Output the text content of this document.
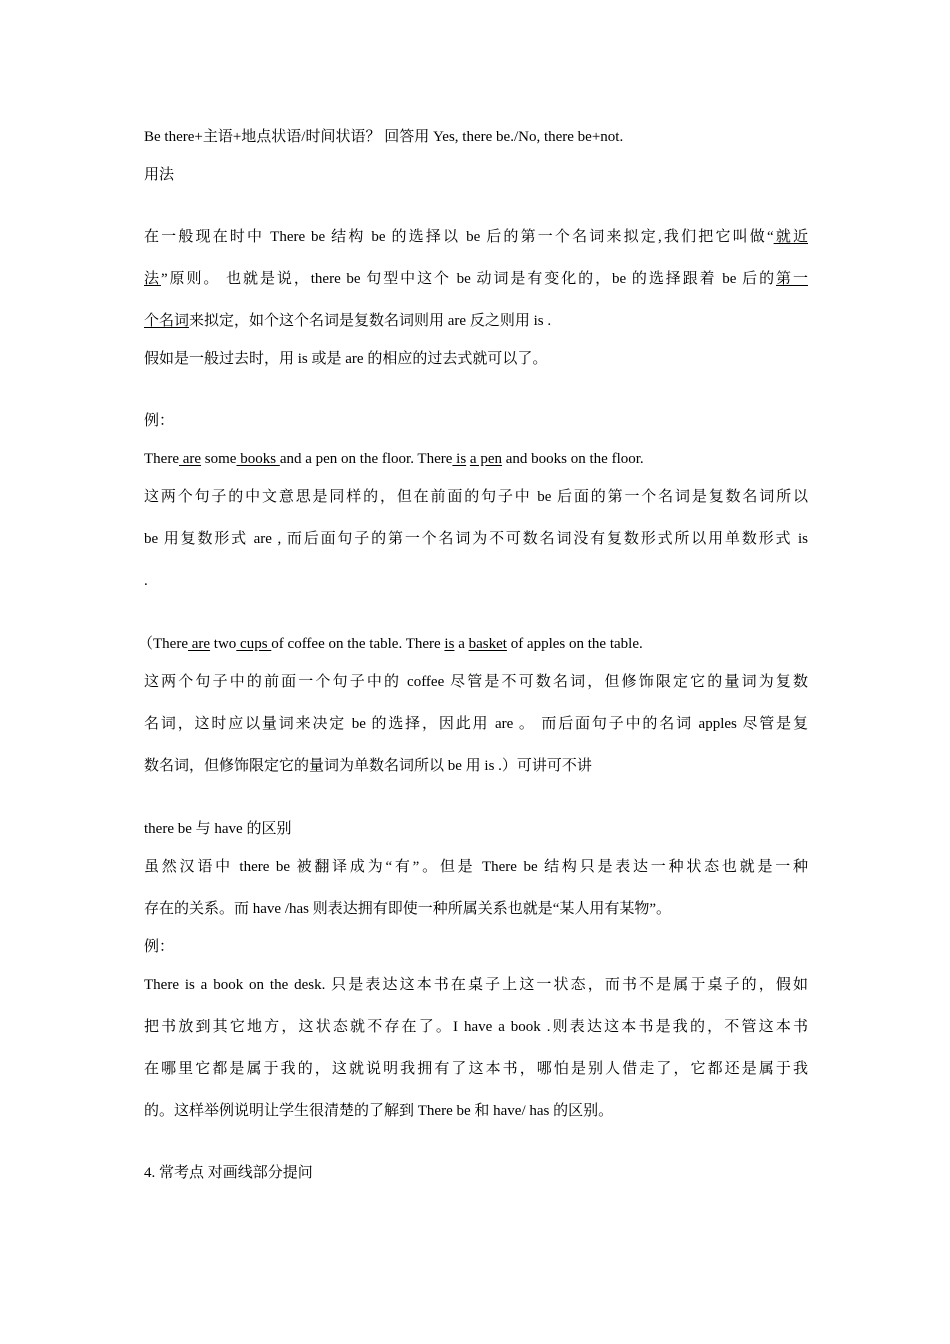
Be there+主语+地点状语/时间状语？ 回答用 Yes, there be./No, there be+not.
用法
在一般现在时中 There be 结构 be 的选择以 be 后的第一个名词来拟定,我们把它叫做“就近
法”原则。 也就是说，there be 句型中这个 be 动词是有变化的，be 的选择跟着 be 后的第一
个名词来拟定，如个这个名词是复数名词则用 are 反之则用 is .
假如是一般过去时，用 is 或是 are 的相应的过去式就可以了。
例：
There are some books and a pen on the floor. There is a pen and books on the floor.
这两个句子的中文意思是同样的，但在前面的句子中 be 后面的第一个名词是复数名词所以
be 用复数形式 are , 而后面句子的第一个名词为不可数名词没有复数形式所以用单数形式 is
.
（There are two cups of coffee on the table. There is a basket of apples on the table.
这两个句子中的前面一个句子中的 coffee 尽管是不可数名词，但修饰限定它的量词为复数
名词，这时应以量词来决定 be 的选择，因此用 are 。 而后面句子中的名词 apples 尽管是复
数名词，但修饰限定它的量词为单数名词所以 be 用 is .）可讲可不讲
there be 与 have 的区别
虽然汉语中 there be 被翻译成为“有”。但是 There be 结构只是表达一种状态也就是一种
存在的关系。而 have /has 则表达拥有即使一种所属关系也就是“某人用有某物”。
例：
There is a book on the desk. 只是表达这本书在桌子上这一状态，而书不是属于桌子的，假如
把书放到其它地方，这状态就不存在了。I have a book .则表达这本书是我的，不管这本书
在哪里它都是属于我的，这就说明我拥有了这本书，哪怕是别人借走了，它都还是属于我
的。这样举例说明让学生很清楚的了解到 There be 和 have/ has 的区别。
4. 常考点 对画线部分提问
